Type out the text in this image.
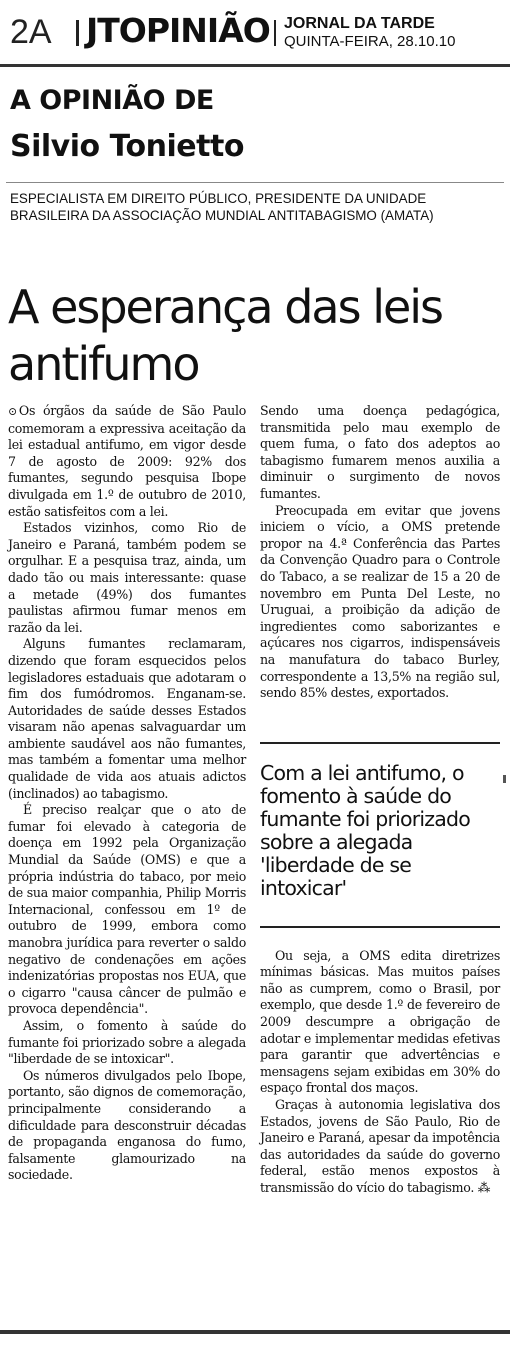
2A JTOPINIÃO JORNAL DA TARDE
QUINTA-FEIRA, 28.10.10
A OPINIÃO DE
Silvio Tonietto
ESPECIALISTA EM DIREITO PÚBLICO, PRESIDENTE DA UNIDADE BRASILEIRA DA ASSOCIAÇÃO MUNDIAL ANTITABAGISMO (AMATA)
A esperança das leis antifumo

⊙ Os órgãos da saúde de São Paulo comemoram a expressiva aceitação da lei estadual antifumo, em vigor desde 7 de agosto de 2009: 92% dos fumantes, segundo pesquisa Ibope divulgada em 1.º de outubro de 2010, estão satisfeitos com a lei.

Estados vizinhos, como Rio de Janeiro e Paraná, também podem se orgulhar. E a pesquisa traz, ainda, um dado tão ou mais interessante: quase a metade (49%) dos fumantes paulistas afirmou fumar menos em razão da lei.

Alguns fumantes reclamaram, dizendo que foram esquecidos pelos legisladores estaduais que adotaram o fim dos fumódromos. Enganam-se. Autoridades de saúde desses Estados visaram não apenas salvaguardar um ambiente saudável aos não fumantes, mas também a fomentar uma melhor qualidade de vida aos atuais adictos (inclinados) ao tabagismo.

É preciso realçar que o ato de fumar foi elevado à categoria de doença em 1992 pela Organização Mundial da Saúde (OMS) e que a própria indústria do tabaco, por meio de sua maior companhia, Philip Morris Internacional, confessou em 1º de outubro de 1999, embora como manobra jurídica para reverter o saldo negativo de condenações em ações indenizatórias propostas nos EUA, que o cigarro "causa câncer de pulmão e provoca dependência".

Assim, o fomento à saúde do fumante foi priorizado sobre a alegada "liberdade de se intoxicar".

Os números divulgados pelo Ibope, portanto, são dignos de comemoração, principalmente considerando a dificuldade para desconstruir décadas de propaganda enganosa do fumo, falsamente glamourizado na sociedade.

Sendo uma doença pedagógica, transmitida pelo mau exemplo de quem fuma, o fato dos adeptos ao tabagismo fumarem menos auxilia a diminuir o surgimento de novos fumantes.

Preocupada em evitar que jovens iniciem o vício, a OMS pretende propor na 4.ª Conferência das Partes da Convenção Quadro para o Controle do Tabaco, a se realizar de 15 a 20 de novembro em Punta Del Leste, no Uruguai, a proibição da adição de ingredientes como saborizantes e açúcares nos cigarros, indispensáveis na manufatura do tabaco Burley, correspondente a 13,5% na região sul, sendo 85% destes, exportados.

Com a lei antifumo, o fomento à saúde do fumante foi priorizado sobre a alegada 'liberdade de se intoxicar'

Ou seja, a OMS edita diretrizes mínimas básicas. Mas muitos países não as cumprem, como o Brasil, por exemplo, que desde 1.º de fevereiro de 2009 descumpre a obrigação de adotar e implementar medidas efetivas para garantir que advertências e mensagens sejam exibidas em 30% do espaço frontal dos maços.

Graças à autonomia legislativa dos Estados, jovens de São Paulo, Rio de Janeiro e Paraná, apesar da impotência das autoridades da saúde do governo federal, estão menos expostos à transmissão do vício do tabagismo. ⁂
